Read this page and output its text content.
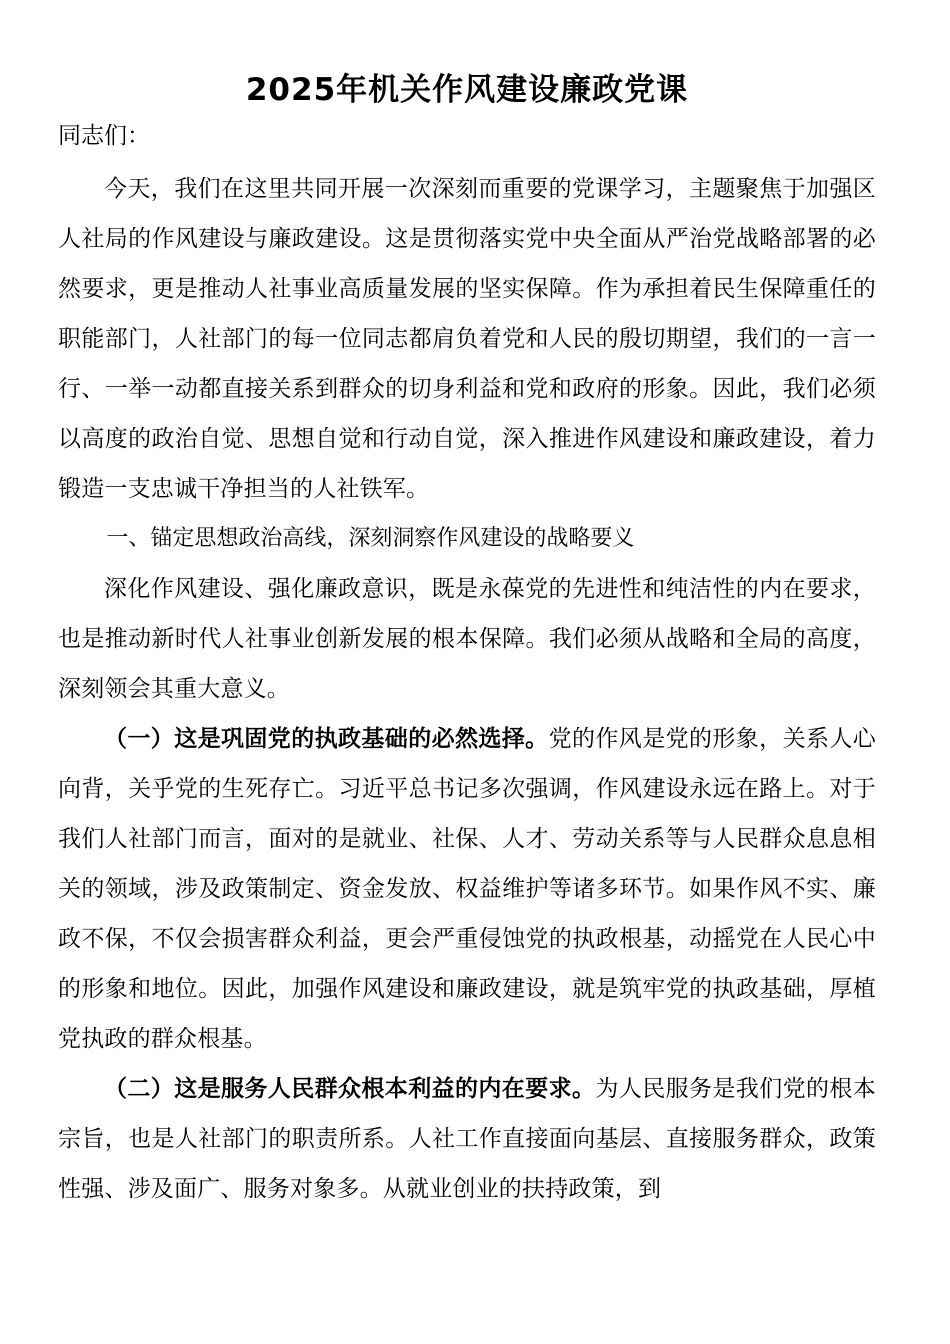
2025年机关作风建设廉政党课

同志们：

今天，我们在这里共同开展一次深刻而重要的党课学习，主题聚焦于加强区人社局的作风建设与廉政建设。这是贯彻落实党中央全面从严治党战略部署的必然要求，更是推动人社事业高质量发展的坚实保障。作为承担着民生保障重任的职能部门，人社部门的每一位同志都肩负着党和人民的殷切期望，我们的一言一行、一举一动都直接关系到群众的切身利益和党和政府的形象。因此，我们必须以高度的政治自觉、思想自觉和行动自觉，深入推进作风建设和廉政建设，着力锻造一支忠诚干净担当的人社铁军。

一、锚定思想政治高线，深刻洞察作风建设的战略要义

深化作风建设、强化廉政意识，既是永葆党的先进性和纯洁性的内在要求，也是推动新时代人社事业创新发展的根本保障。我们必须从战略和全局的高度，深刻领会其重大意义。

（一）这是巩固党的执政基础的必然选择。党的作风是党的形象，关系人心向背，关乎党的生死存亡。习近平总书记多次强调，作风建设永远在路上。对于我们人社部门而言，面对的是就业、社保、人才、劳动关系等与人民群众息息相关的领域，涉及政策制定、资金发放、权益维护等诸多环节。如果作风不实、廉政不保，不仅会损害群众利益，更会严重侵蚀党的执政根基，动摇党在人民心中的形象和地位。因此，加强作风建设和廉政建设，就是筑牢党的执政基础，厚植党执政的群众根基。

（二）这是服务人民群众根本利益的内在要求。为人民服务是我们党的根本宗旨，也是人社部门的职责所系。人社工作直接面向基层、直接服务群众，政策性强、涉及面广、服务对象多。从就业创业的扶持政策，到
